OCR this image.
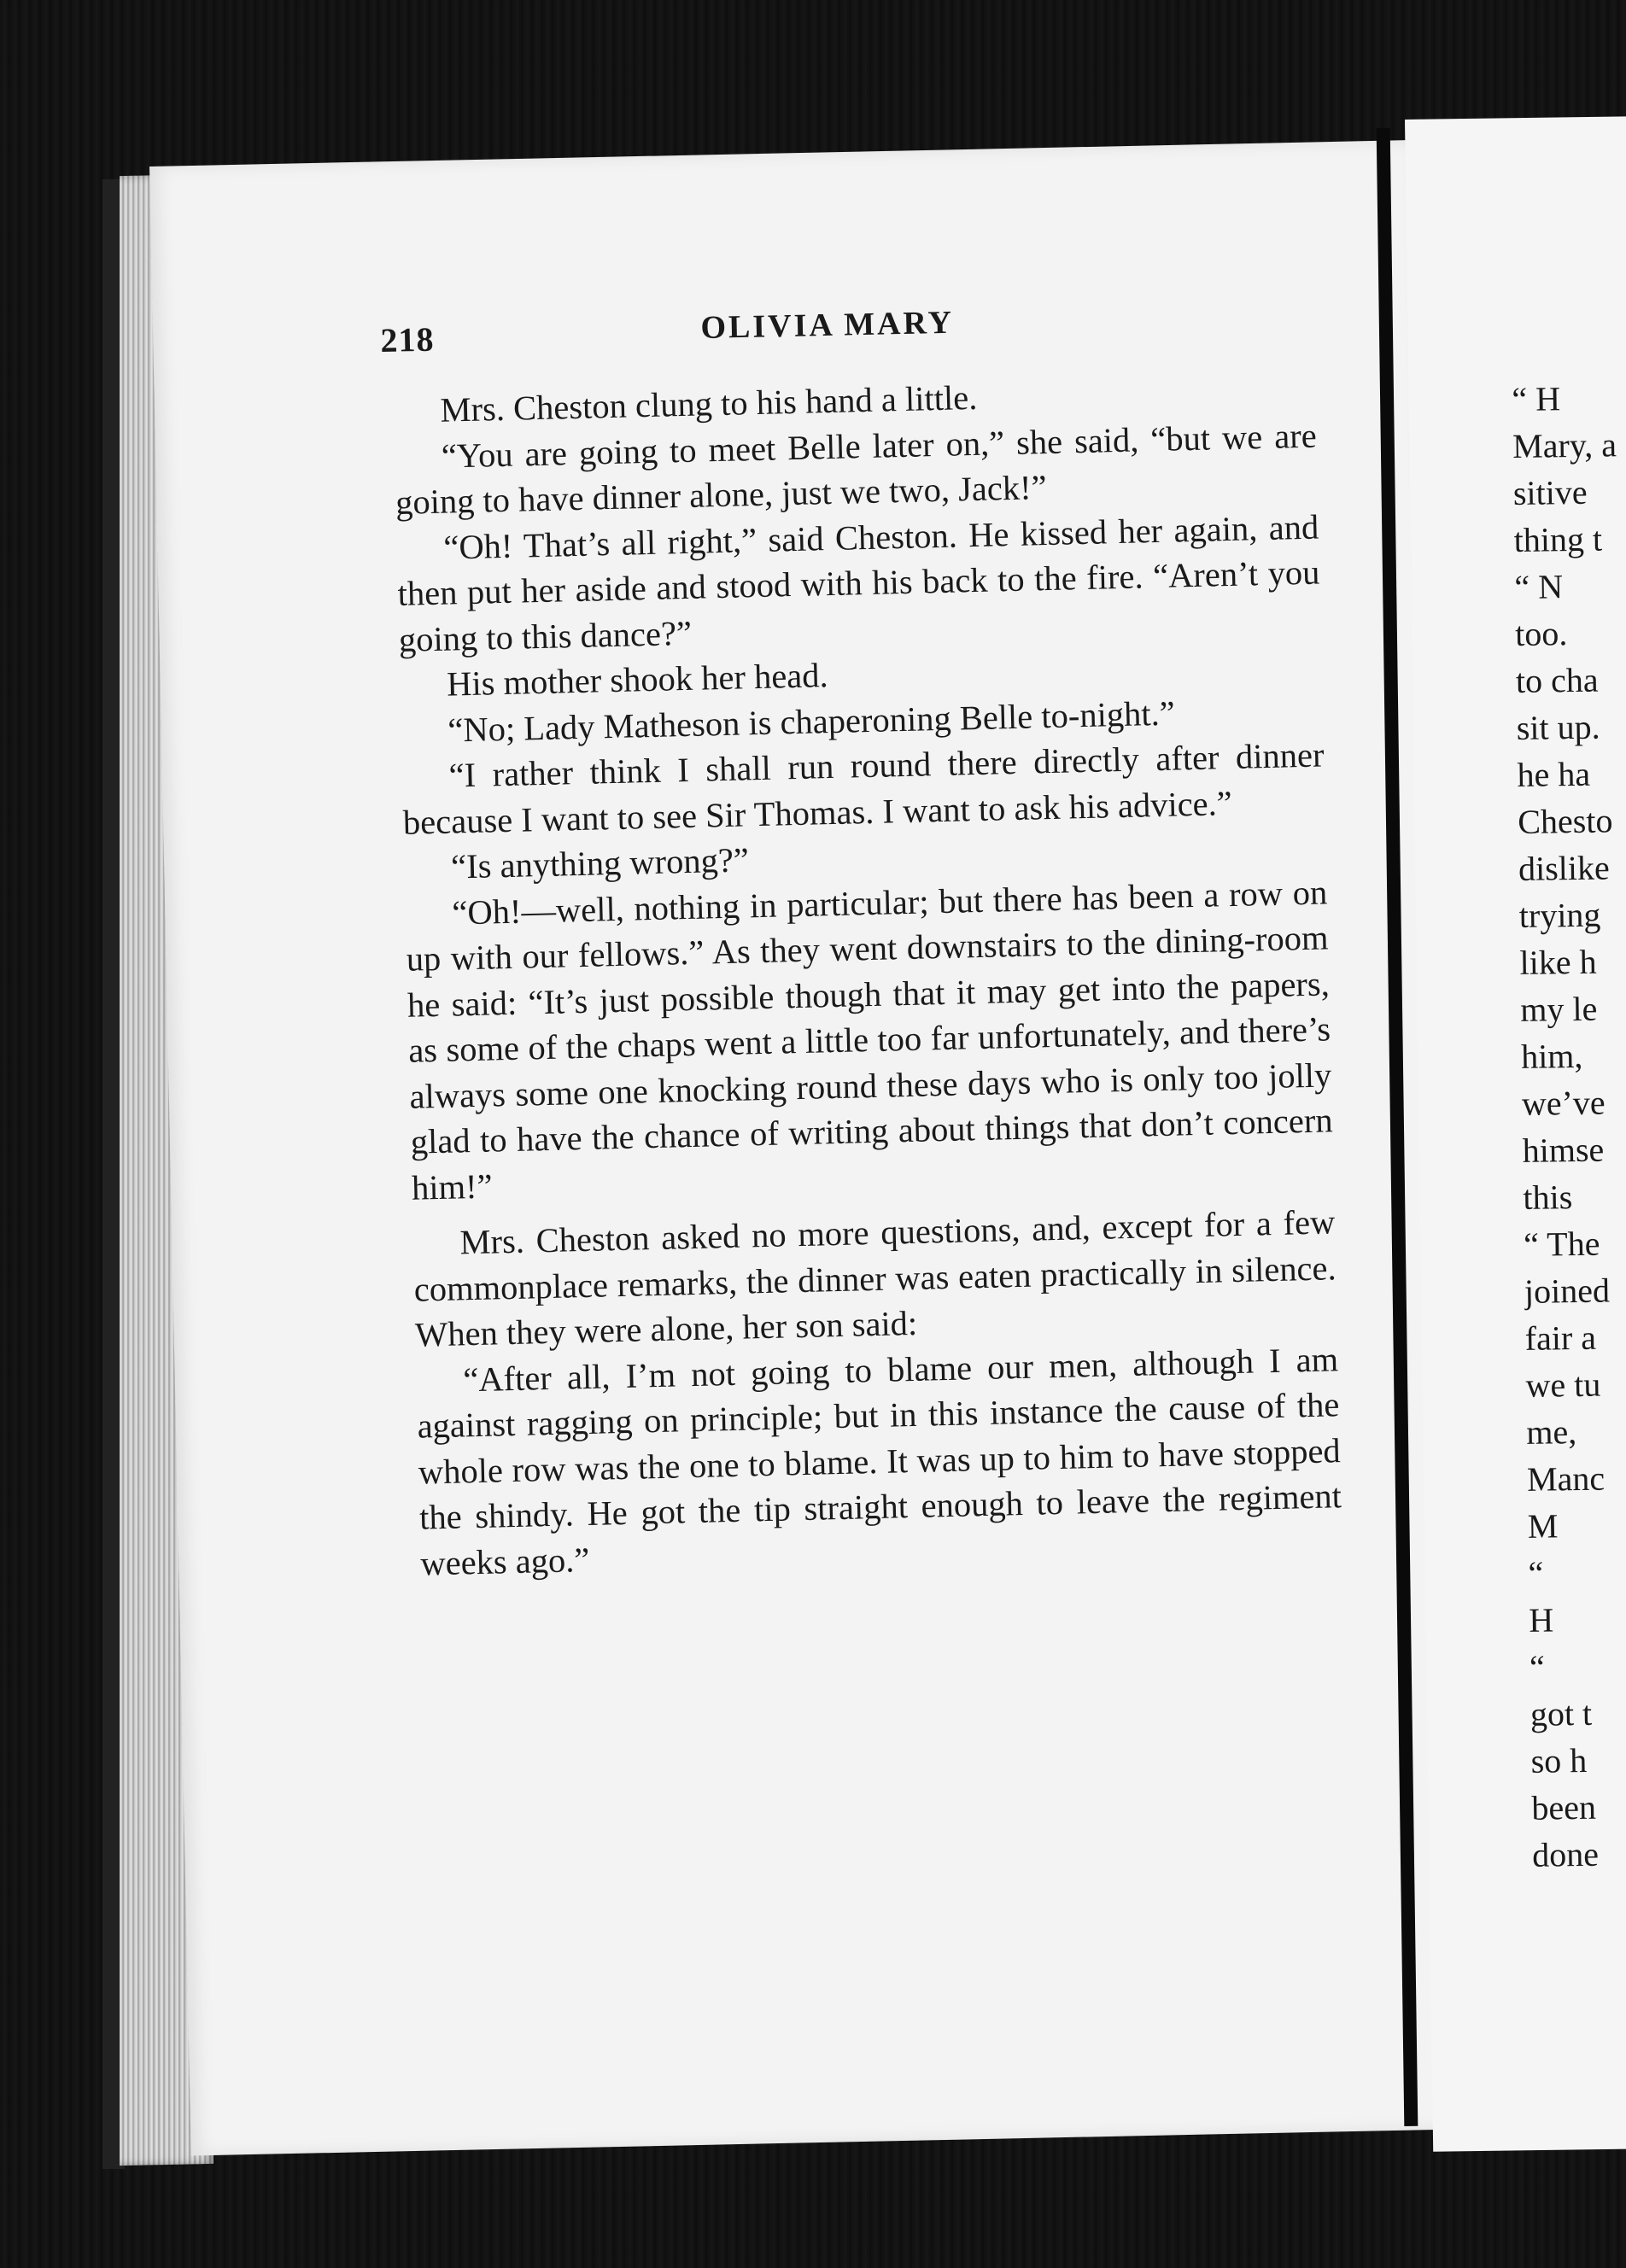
218	OLIVIA MARY

Mrs. Cheston clung to his hand a little.

“You are going to meet Belle later on,” she said, “but we are going to have dinner alone, just we two, Jack!”

“Oh! That’s all right,” said Cheston. He kissed her again, and then put her aside and stood with his back to the fire. “Aren’t you going to this dance?”

His mother shook her head.

“No; Lady Matheson is chaperoning Belle to-night.”

“I rather think I shall run round there directly after dinner because I want to see Sir Thomas. I want to ask his advice.”

“Is anything wrong?”

“Oh!—well, nothing in particular; but there has been a row on up with our fellows.” As they went downstairs to the dining-room he said: “It’s just possible though that it may get into the papers, as some of the chaps went a little too far unfortunately, and there’s always some one knocking round these days who is only too jolly glad to have the chance of writing about things that don’t concern him!”

Mrs. Cheston asked no more questions, and, except for a few commonplace remarks, the dinner was eaten practically in silence. When they were alone, her son said:

“After all, I’m not going to blame our men, although I am against ragging on principle; but in this instance the cause of the whole row was the one to blame. It was up to him to have stopped the shindy. He got the tip straight enough to leave the regiment weeks ago.”

“ H
Mary, a
sitive
thing t
“ N
too.
to cha
sit up.
he ha
Chesto
dislike
trying
like h
my le
him,
we’ve
himse
this
“ The
joined
fair a
we tu
me,
Manc
M
“
H
“
got t
so h
been
done
